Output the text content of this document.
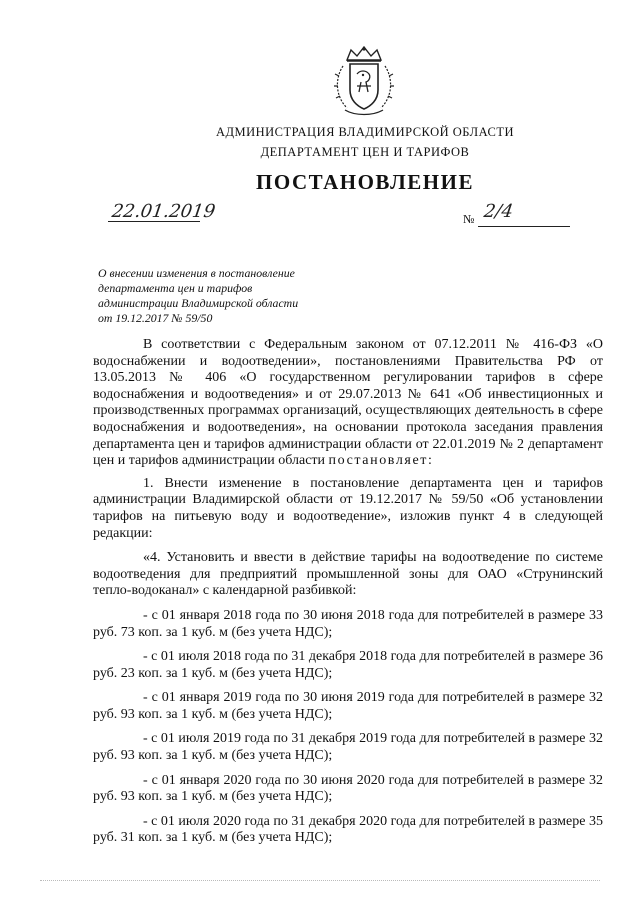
АДМИНИСТРАЦИЯ ВЛАДИМИРСКОЙ ОБЛАСТИ
ДЕПАРТАМЕНТ ЦЕН И ТАРИФОВ
ПОСТАНОВЛЕНИЕ
22.01.2019	№ 2/4
О внесении изменения в постановление
департамента цен и тарифов
администрации Владимирской области
от 19.12.2017 № 59/50

В соответствии с Федеральным законом от 07.12.2011 № 416-ФЗ «О водоснабжении и водоотведении», постановлениями Правительства РФ от 13.05.2013 № 406 «О государственном регулировании тарифов в сфере водоснабжения и водоотведения» и от 29.07.2013 № 641 «Об инвестиционных и производственных программах организаций, осуществляющих деятельность в сфере водоснабжения и водоотведения», на основании протокола заседания правления департамента цен и тарифов администрации области от 22.01.2019 № 2 департамент цен и тарифов администрации области постановляет:

1. Внести изменение в постановление департамента цен и тарифов администрации Владимирской области от 19.12.2017 № 59/50 «Об установлении тарифов на питьевую воду и водоотведение», изложив пункт 4 в следующей редакции:

«4. Установить и ввести в действие тарифы на водоотведение по системе водоотведения для предприятий промышленной зоны для ОАО «Струнинский тепло-водоканал» с календарной разбивкой:

- с 01 января 2018 года по 30 июня 2018 года для потребителей в размере 33 руб. 73 коп. за 1 куб. м (без учета НДС);

- с 01 июля 2018 года по 31 декабря 2018 года для потребителей в размере 36 руб. 23 коп. за 1 куб. м (без учета НДС);

- с 01 января 2019 года по 30 июня 2019 года для потребителей в размере 32 руб. 93 коп. за 1 куб. м (без учета НДС);

- с 01 июля 2019 года по 31 декабря 2019 года для потребителей в размере 32 руб. 93 коп. за 1 куб. м (без учета НДС);

- с 01 января 2020 года по 30 июня 2020 года для потребителей в размере 32 руб. 93 коп. за 1 куб. м (без учета НДС);

- с 01 июля 2020 года по 31 декабря 2020 года для потребителей в размере 35 руб. 31 коп. за 1 куб. м (без учета НДС);
